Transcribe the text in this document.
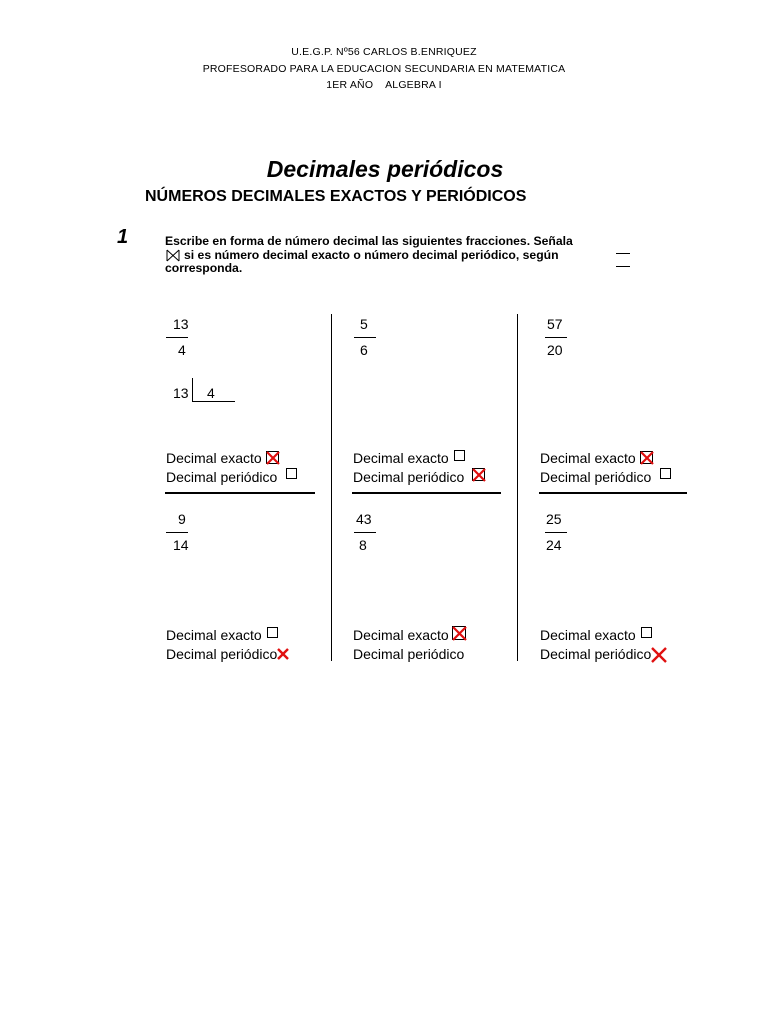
U.E.G.P. Nº56 CARLOS B.ENRIQUEZ
PROFESORADO PARA LA EDUCACION SECUNDARIA EN MATEMATICA
1ER AÑO    ALGEBRA I
Decimales periódicos
NÚMEROS DECIMALES EXACTOS Y PERIÓDICOS
1	Escribe en forma de número decimal las siguientes fracciones. Señala
si es número decimal exacto o número decimal periódico, según
corresponda.
13
4
5
6
57
20
13 4
Decimal exacto
Decimal periódico
Decimal exacto
Decimal periódico
Decimal exacto
Decimal periódico
9
14
43
8
25
24
Decimal exacto
Decimal periódico
Decimal exacto
Decimal periódico
Decimal exacto
Decimal periódico
